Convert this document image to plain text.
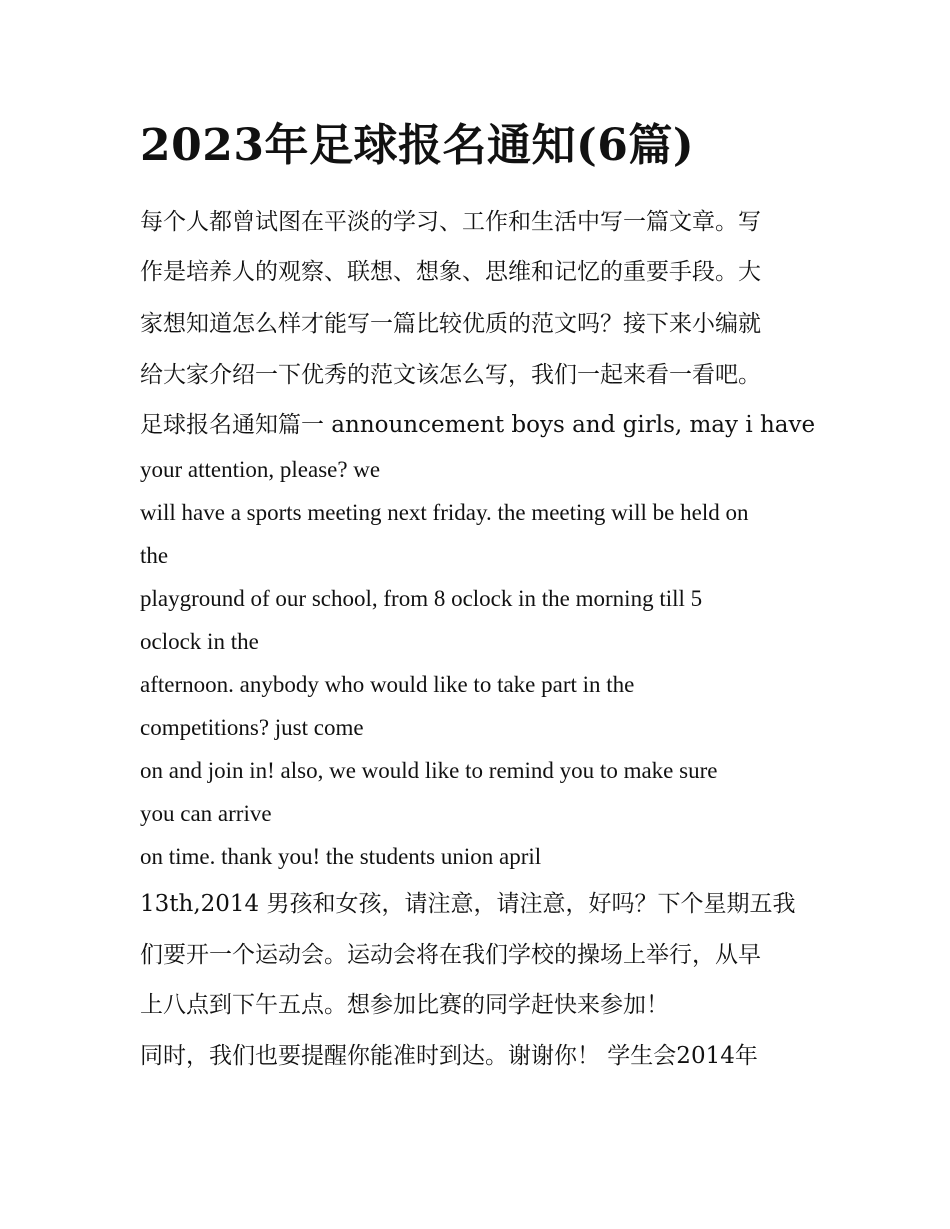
2023年足球报名通知(6篇)
每个人都曾试图在平淡的学习、工作和生活中写一篇文章。写
作是培养人的观察、联想、想象、思维和记忆的重要手段。大
家想知道怎么样才能写一篇比较优质的范文吗？接下来小编就
给大家介绍一下优秀的范文该怎么写，我们一起来看一看吧。
足球报名通知篇一 announcement boys and girls, may i have
your attention, please? we
will have a sports meeting next friday. the meeting will be held on
the
playground of our school, from 8 oclock in the morning till 5
oclock in the
afternoon. anybody who would like to take part in the
competitions? just come
on and join in! also, we would like to remind you to make sure
you can arrive
on time. thank you! the students union april
13th,2014 男孩和女孩，请注意，请注意，好吗？下个星期五我
们要开一个运动会。运动会将在我们学校的操场上举行，从早
上八点到下午五点。想参加比赛的同学赶快来参加！
同时，我们也要提醒你能准时到达。谢谢你！ 学生会2014年
